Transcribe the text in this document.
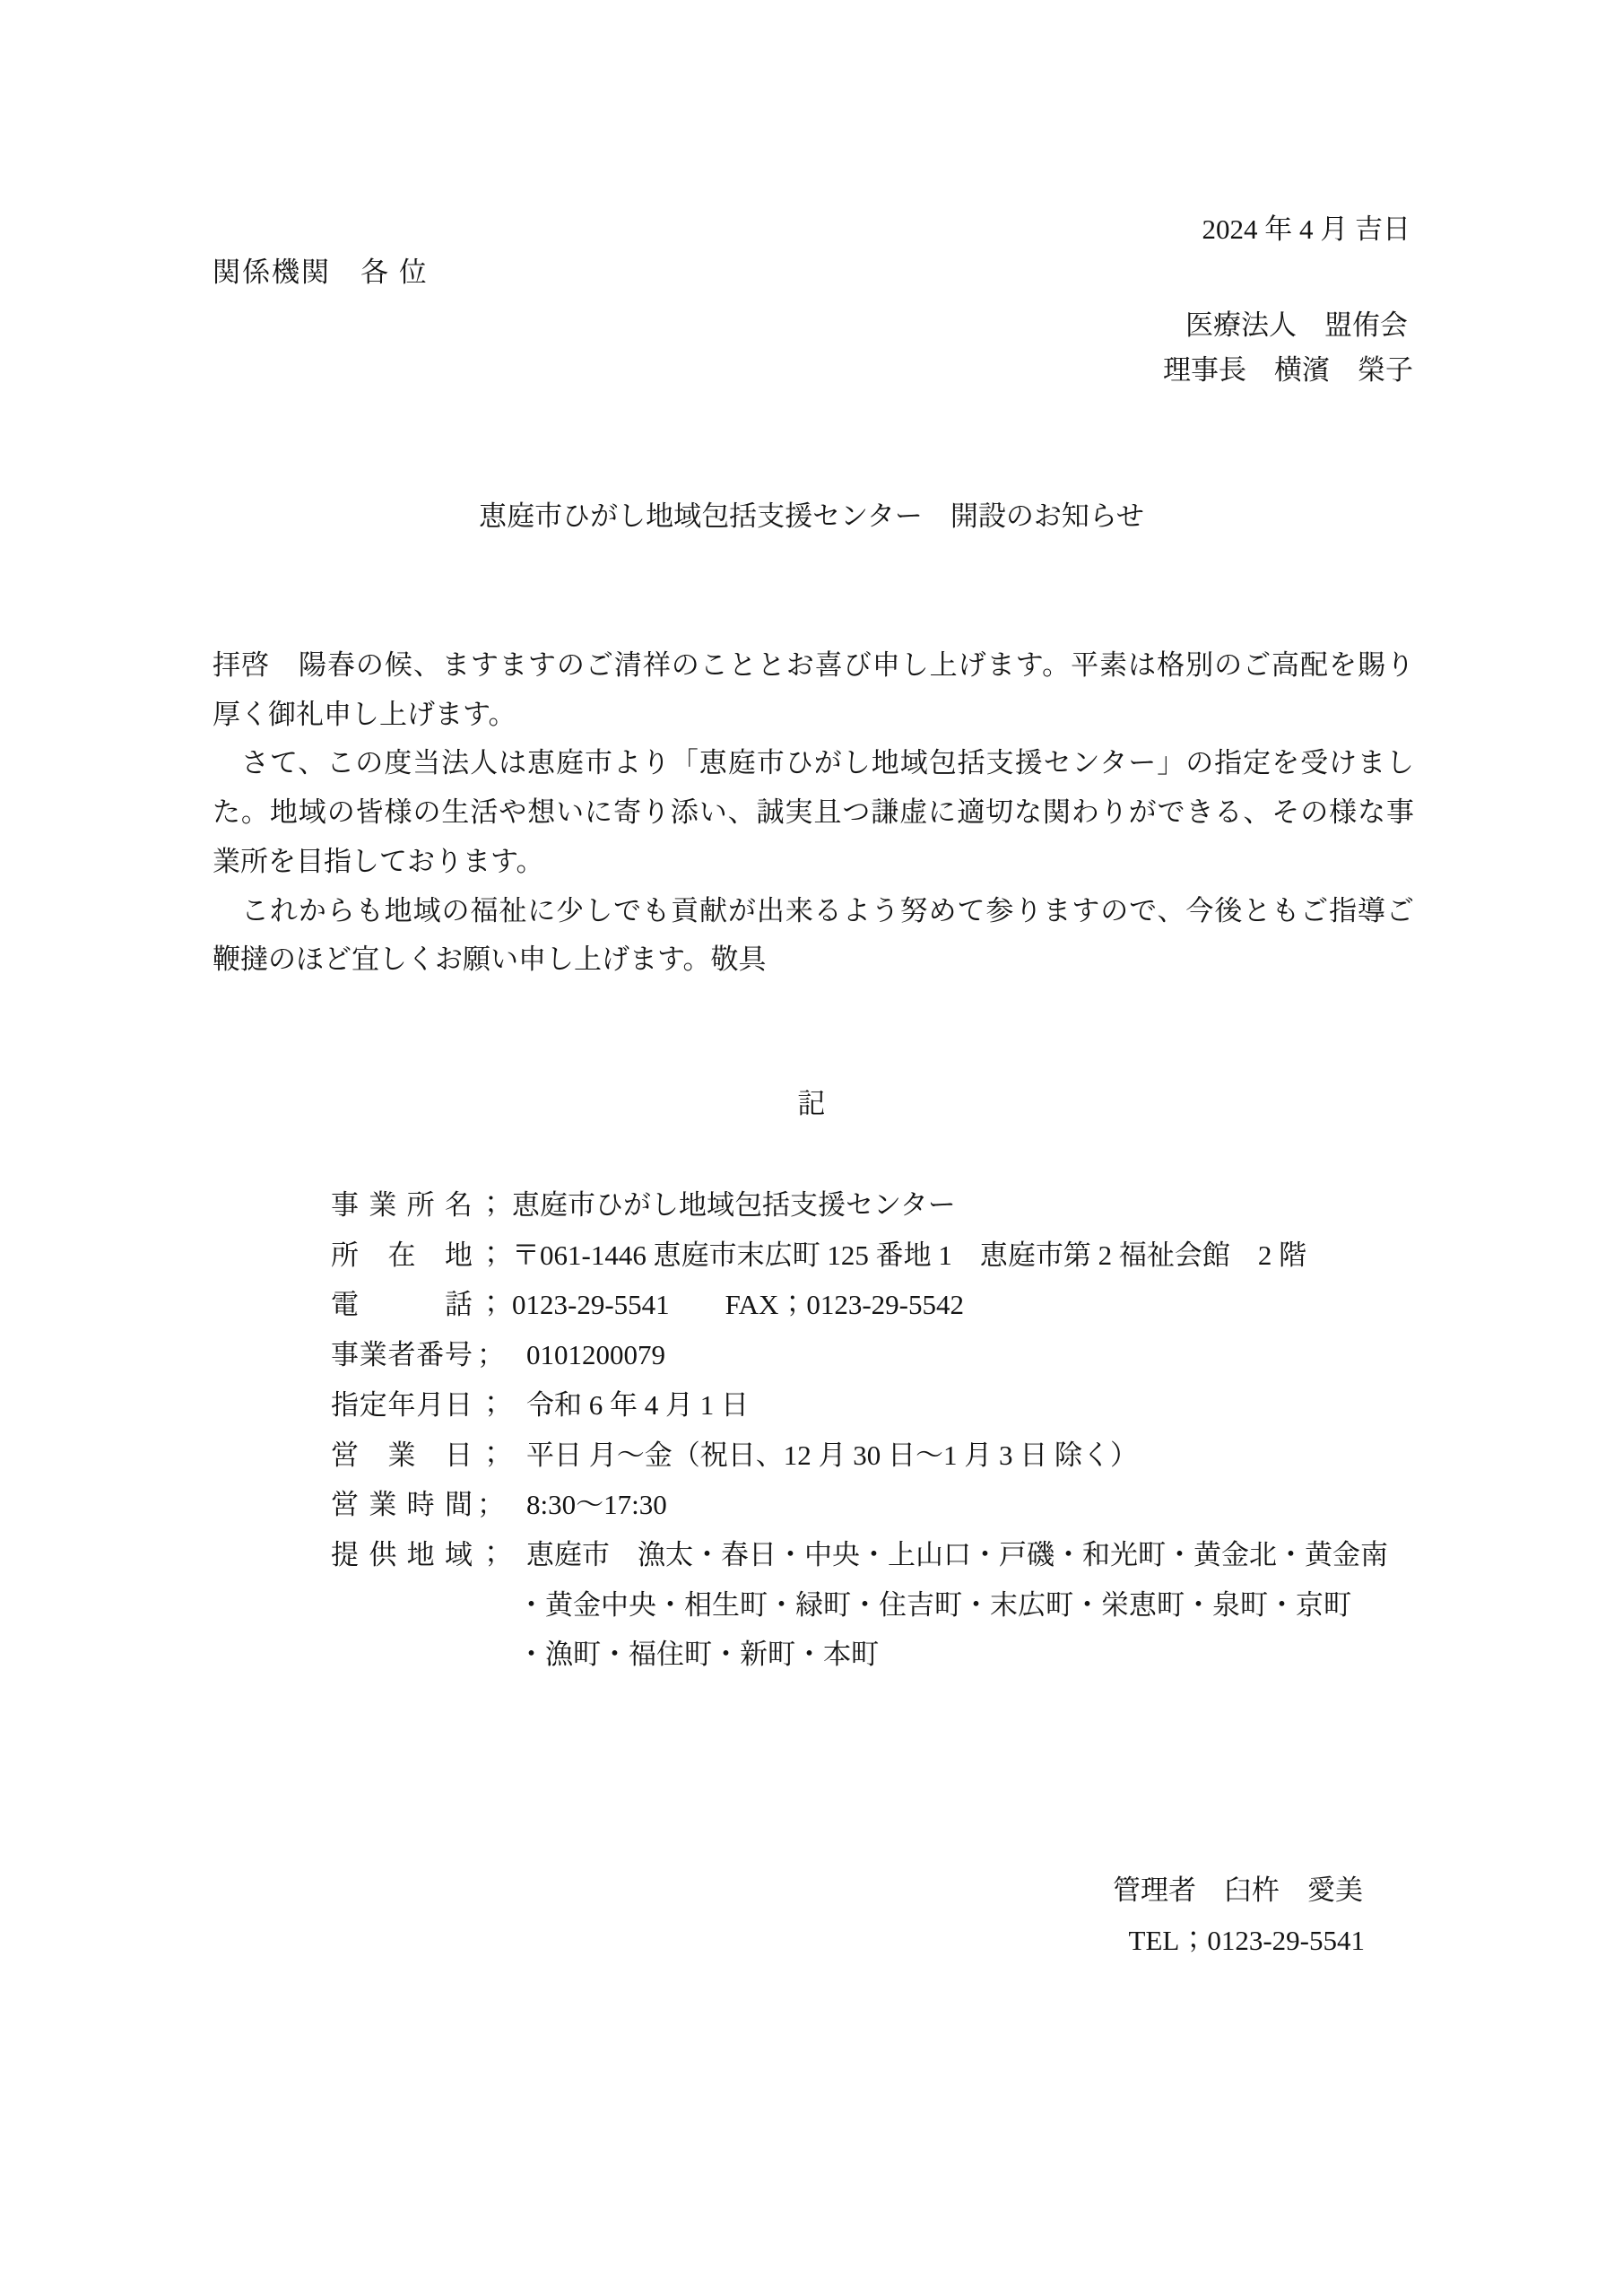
2024 年 4 月 吉日
関係機関　各 位
医療法人　盟侑会
理事長　横濱　榮子
恵庭市ひがし地域包括支援センター　開設のお知らせ
拝啓　陽春の候、ますますのご清祥のこととお喜び申し上げます。平素は格別のご高配を賜り
厚く御礼申し上げます。
　さて、この度当法人は恵庭市より「恵庭市ひがし地域包括支援センター」の指定を受けまし
た。地域の皆様の生活や想いに寄り添い、誠実且つ謙虚に適切な関わりができる、その様な事
業所を目指しております。
　これからも地域の福祉に少しでも貢献が出来るよう努めて参りますので、今後ともご指導ご
鞭撻のほど宜しくお願い申し上げます。敬具
記
事業所名 ； 恵庭市ひがし地域包括支援センター
所在地 ； 〒061-1446 恵庭市末広町 125 番地 1　恵庭市第 2 福祉会館　2 階
電話 ； 0123-29-5541　　FAX；0123-29-5542
事業者番号 ； 0101200079
指定年月日 ； 令和 6 年 4 月 1 日
営業日 ； 平日 月～金（祝日、12 月 30 日～1 月 3 日 除く）
営業時間 ； 8:30～17:30
提供地域 ； 恵庭市　漁太・春日・中央・上山口・戸磯・和光町・黄金北・黄金南
・黄金中央・相生町・緑町・住吉町・末広町・栄恵町・泉町・京町
・漁町・福住町・新町・本町
管理者　臼杵　愛美
TEL；0123-29-5541
